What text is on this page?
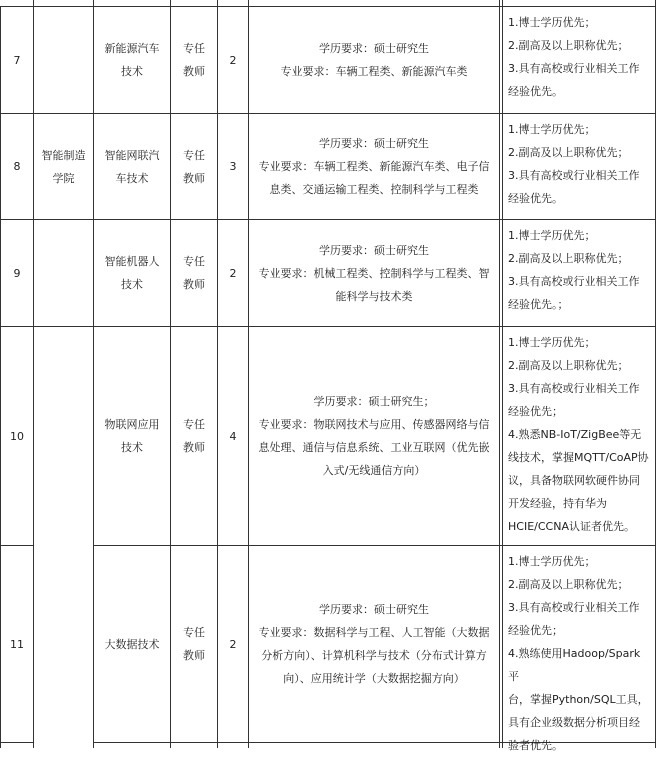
智能制造学院
7
新能源汽车技术
专任教师
2
学历要求：硕士研究生
专业要求：车辆工程类、新能源汽车类
1.博士学历优先；
2.副高及以上职称优先；
3.具有高校或行业相关工作
经验优先。
8
智能网联汽车技术
专任教师
3
学历要求：硕士研究生
专业要求：车辆工程类、新能源汽车类、电子信
息类、交通运输工程类、控制科学与工程类
1.博士学历优先；
2.副高及以上职称优先；
3.具有高校或行业相关工作
经验优先。
9
智能机器人技术
专任教师
2
学历要求：硕士研究生
专业要求：机械工程类、控制科学与工程类、智
能科学与技术类
1.博士学历优先；
2.副高及以上职称优先；
3.具有高校或行业相关工作
经验优先。；
10
物联网应用技术
专任教师
4
学历要求：硕士研究生；
专业要求：物联网技术与应用、传感器网络与信
息处理、通信与信息系统、工业互联网（优先嵌
入式/无线通信方向）
1.博士学历优先；
2.副高及以上职称优先；
3.具有高校或行业相关工作
经验优先；
4.熟悉NB-IoT/ZigBee等无
线技术，掌握MQTT/CoAP协
议，具备物联网软硬件协同
开发经验，持有华为
HCIE/CCNA认证者优先。
11	大数据技术
专任教师
2
学历要求：硕士研究生
专业要求：数据科学与工程、人工智能（大数据
分析方向）、计算机科学与技术（分布式计算方
向）、应用统计学（大数据挖掘方向）
1.博士学历优先；
2.副高及以上职称优先；
3.具有高校或行业相关工作
经验优先；
4.熟练使用Hadoop/Spark平
台，掌握Python/SQL工具，
具有企业级数据分析项目经
验者优先。
